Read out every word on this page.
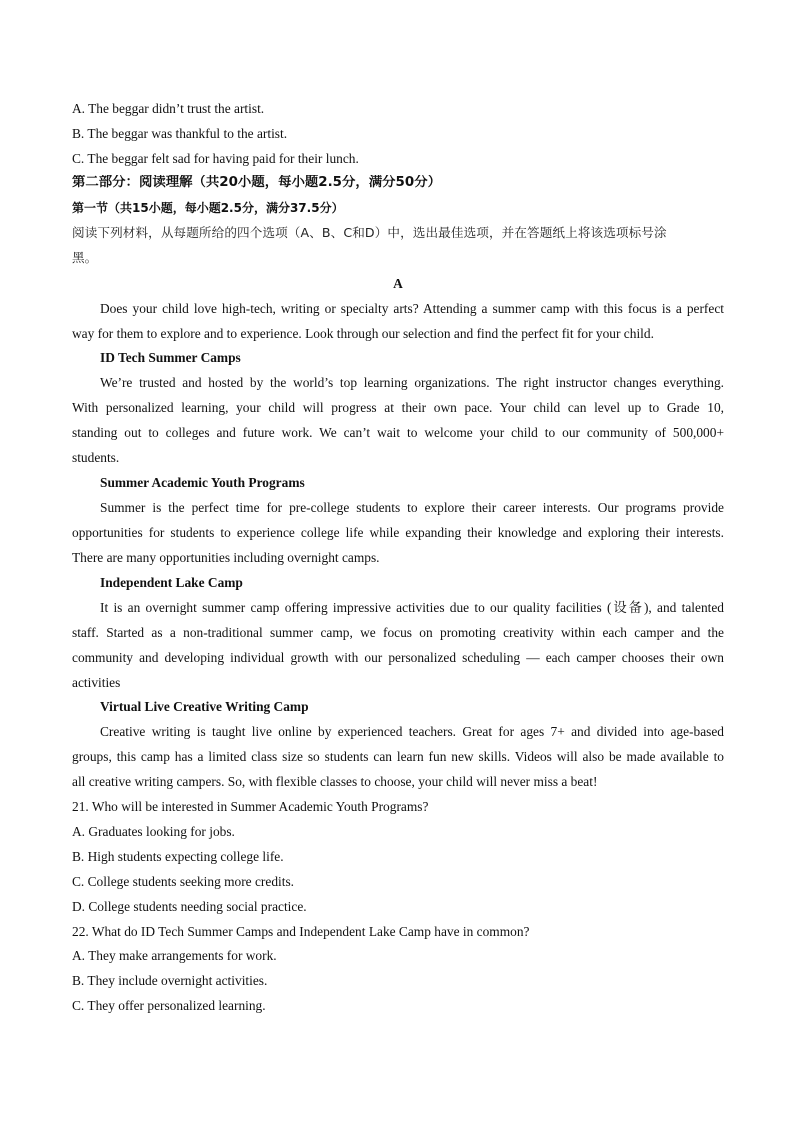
A. The beggar didn’t trust the artist.
B. The beggar was thankful to the artist.
C. The beggar felt sad for having paid for their lunch.
第二部分：阅读理解（共20小题，每小题2.5分，满分50分）
第一节（共15小题，每小题2.5分，满分37.5分）
阅读下列材料，从每题所给的四个选项（A、B、C和D）中，选出最佳选项，并在答题纸上将该选项标号涂
黑。
A
Does your child love high-tech, writing or specialty arts? Attending a summer camp with this focus is a perfect
way for them to explore and to experience. Look through our selection and find the perfect fit for your child.
ID Tech Summer Camps
We’re trusted and hosted by the world’s top learning organizations. The right instructor changes everything.
With personalized learning, your child will progress at their own pace. Your child can level up to Grade 10,
standing out to colleges and future work. We can’t wait to welcome your child to our community of 500,000+
students.
Summer Academic Youth Programs
Summer is the perfect time for pre-college students to explore their career interests. Our programs provide
opportunities for students to experience college life while expanding their knowledge and exploring their interests.
There are many opportunities including overnight camps.
Independent Lake Camp
It is an overnight summer camp offering impressive activities due to our quality facilities (设备), and talented
staff. Started as a non-traditional summer camp, we focus on promoting creativity within each camper and the
community and developing individual growth with our personalized scheduling — each camper chooses their own
activities
Virtual Live Creative Writing Camp
Creative writing is taught live online by experienced teachers. Great for ages 7+ and divided into age-based
groups, this camp has a limited class size so students can learn fun new skills. Videos will also be made available to
all creative writing campers. So, with flexible classes to choose, your child will never miss a beat!
21. Who will be interested in Summer Academic Youth Programs?
A. Graduates looking for jobs.
B. High students expecting college life.
C. College students seeking more credits.
D. College students needing social practice.
22. What do ID Tech Summer Camps and Independent Lake Camp have in common?
A. They make arrangements for work.
B. They include overnight activities.
C. They offer personalized learning.
